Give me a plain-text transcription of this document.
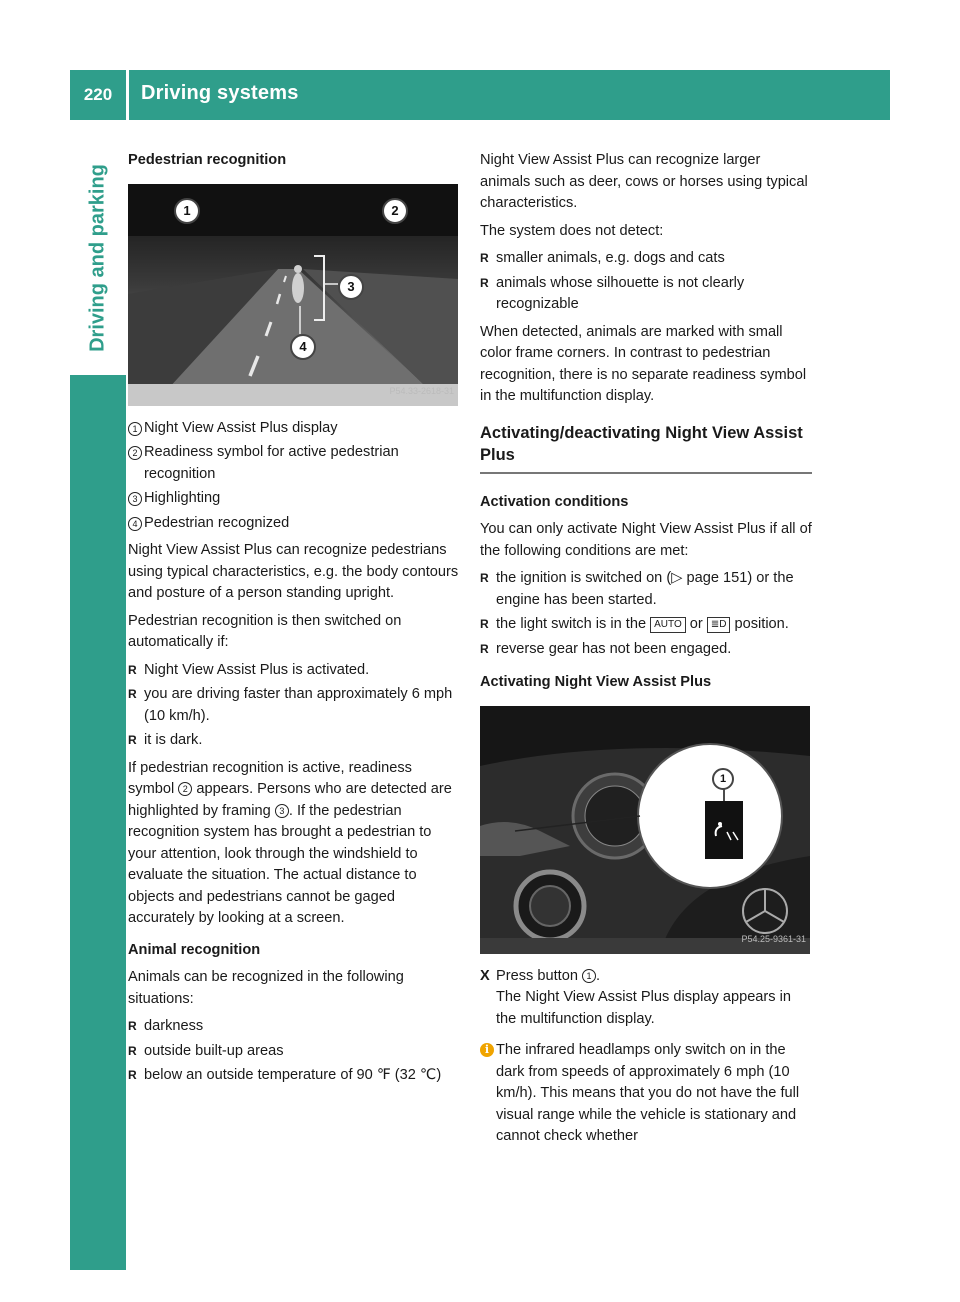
220	Driving systems
Driving and parking

Pedestrian recognition

1	2
3
4
P54.33-2618-31
1 Night View Assist Plus display
2 Readiness symbol for active pedestrian recognition
3 Highlighting
4 Pedestrian recognized

Night View Assist Plus can recognize pedestrians using typical characteristics, e.g. the body contours and posture of a person standing upright.

Pedestrian recognition is then switched on automatically if:

R Night View Assist Plus is activated.
R you are driving faster than approximately 6 mph (10 km/h).
R it is dark.

If pedestrian recognition is active, readiness symbol 2 appears. Persons who are detected are highlighted by framing 3 . If the pedestrian recognition system has brought a pedestrian to your attention, look through the windshield to evaluate the situation. The actual distance to objects and pedestrians cannot be gaged accurately by looking at a screen.

Animal recognition

Animals can be recognized in the following situations:

R darkness
R outside built-up areas
R below an outside temperature of 90 ℉ (32 ℃)

Night View Assist Plus can recognize larger animals such as deer, cows or horses using typical characteristics.

The system does not detect:

R smaller animals, e.g. dogs and cats
R animals whose silhouette is not clearly recognizable

When detected, animals are marked with small color frame corners. In contrast to pedestrian recognition, there is no separate readiness symbol in the multifunction display.

Activating/deactivating Night View Assist Plus

Activation conditions

You can only activate Night View Assist Plus if all of the following conditions are met:

R the ignition is switched on (▷ page 151) or the engine has been started.
R the light switch is in the AUTO or ≣D position.
R reverse gear has not been engaged.

Activating Night View Assist Plus

1
P54.25-9361-31
X Press button 1 .
The Night View Assist Plus display appears in the multifunction display.
i The infrared headlamps only switch on in the dark from speeds of approximately 6 mph (10 km/h). This means that you do not have the full visual range while the vehicle is stationary and cannot check whether
